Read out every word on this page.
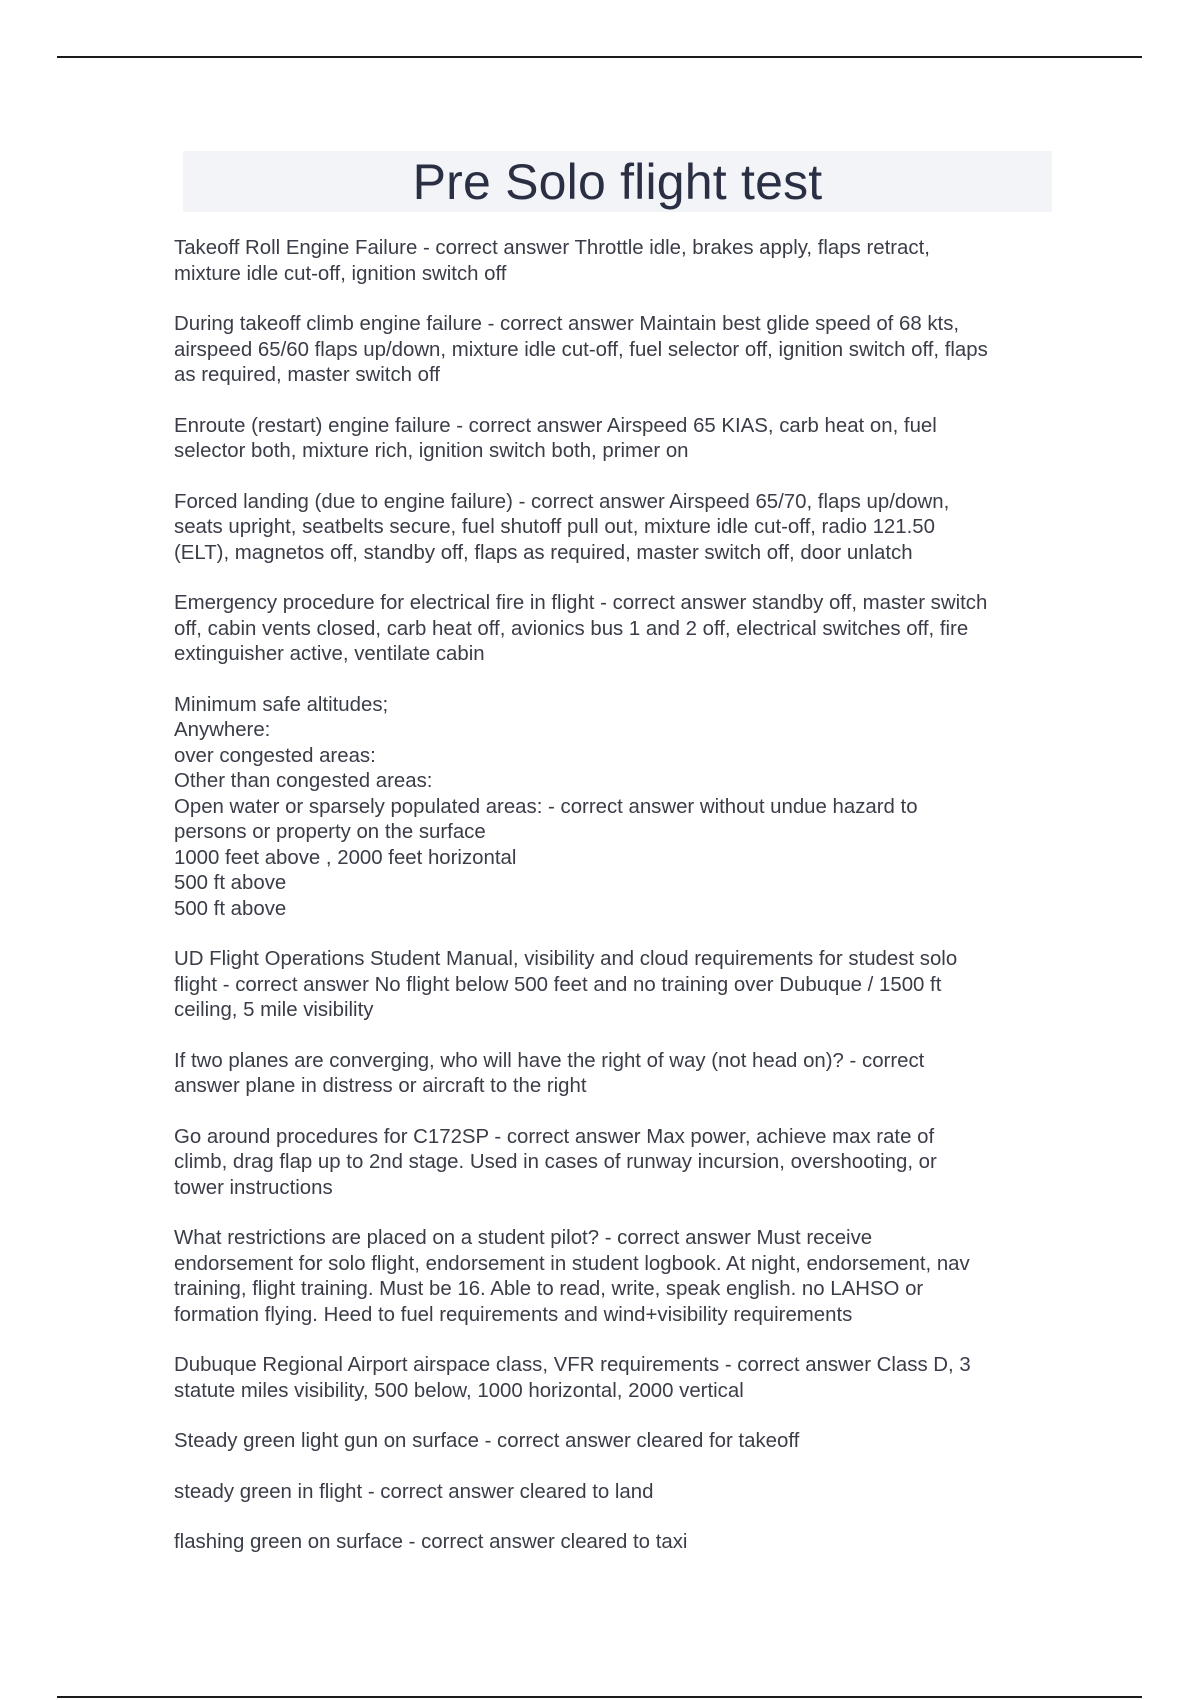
Pre Solo flight test

Takeoff Roll Engine Failure - correct answer Throttle idle, brakes apply, flaps retract,
mixture idle cut-off, ignition switch off

During takeoff climb engine failure - correct answer Maintain best glide speed of 68 kts,
airspeed 65/60 flaps up/down, mixture idle cut-off, fuel selector off, ignition switch off, flaps
as required, master switch off

Enroute (restart) engine failure - correct answer Airspeed 65 KIAS, carb heat on, fuel
selector both, mixture rich, ignition switch both, primer on

Forced landing (due to engine failure) - correct answer Airspeed 65/70, flaps up/down,
seats upright, seatbelts secure, fuel shutoff pull out, mixture idle cut-off, radio 121.50
(ELT), magnetos off, standby off, flaps as required, master switch off, door unlatch

Emergency procedure for electrical fire in flight - correct answer standby off, master switch
off, cabin vents closed, carb heat off, avionics bus 1 and 2 off, electrical switches off, fire
extinguisher active, ventilate cabin

Minimum safe altitudes;
Anywhere:
over congested areas:
Other than congested areas:
Open water or sparsely populated areas: - correct answer without undue hazard to
persons or property on the surface
1000 feet above , 2000 feet horizontal
500 ft above
500 ft above

UD Flight Operations Student Manual, visibility and cloud requirements for studest solo
flight - correct answer No flight below 500 feet and no training over Dubuque / 1500 ft
ceiling, 5 mile visibility

If two planes are converging, who will have the right of way (not head on)? - correct
answer plane in distress or aircraft to the right

Go around procedures for C172SP - correct answer Max power, achieve max rate of
climb, drag flap up to 2nd stage. Used in cases of runway incursion, overshooting, or
tower instructions

What restrictions are placed on a student pilot? - correct answer Must receive
endorsement for solo flight, endorsement in student logbook. At night, endorsement, nav
training, flight training. Must be 16. Able to read, write, speak english. no LAHSO or
formation flying. Heed to fuel requirements and wind+visibility requirements

Dubuque Regional Airport airspace class, VFR requirements - correct answer Class D, 3
statute miles visibility, 500 below, 1000 horizontal, 2000 vertical

Steady green light gun on surface - correct answer cleared for takeoff

steady green in flight - correct answer cleared to land

flashing green on surface - correct answer cleared to taxi
